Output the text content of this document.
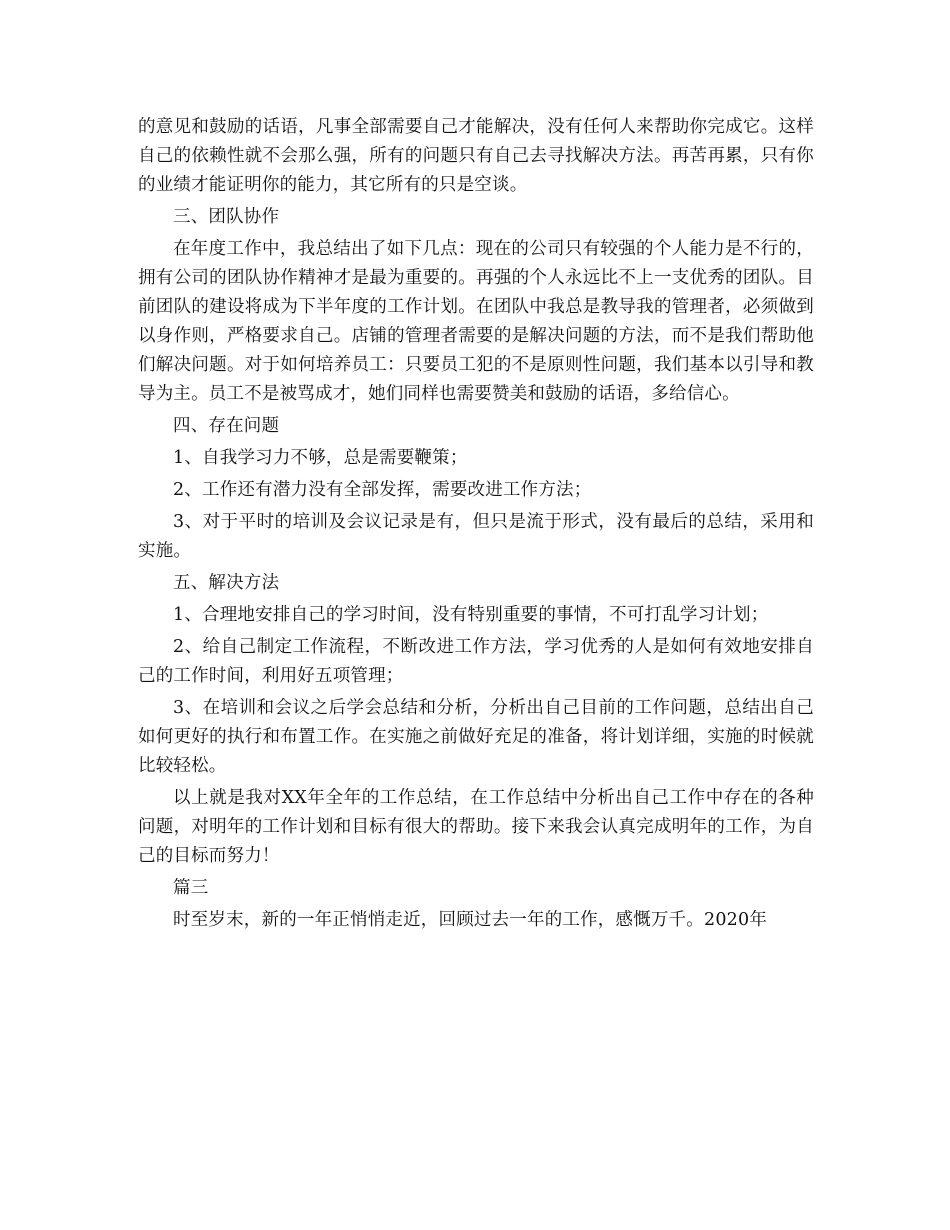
的意见和鼓励的话语，凡事全部需要自己才能解决，没有任何人来帮助你完成它。这样自己的依赖性就不会那么强，所有的问题只有自己去寻找解决方法。再苦再累，只有你的业绩才能证明你的能力，其它所有的只是空谈。

三、团队协作

在年度工作中，我总结出了如下几点：现在的公司只有较强的个人能力是不行的，拥有公司的团队协作精神才是最为重要的。再强的个人永远比不上一支优秀的团队。目前团队的建设将成为下半年度的工作计划。在团队中我总是教导我的管理者，必须做到以身作则，严格要求自己。店铺的管理者需要的是解决问题的方法，而不是我们帮助他们解决问题。对于如何培养员工：只要员工犯的不是原则性问题，我们基本以引导和教导为主。员工不是被骂成才，她们同样也需要赞美和鼓励的话语，多给信心。

四、存在问题

1、自我学习力不够，总是需要鞭策；

2、工作还有潜力没有全部发挥，需要改进工作方法；

3、对于平时的培训及会议记录是有，但只是流于形式，没有最后的总结，采用和实施。

五、解决方法

1、合理地安排自己的学习时间，没有特别重要的事情，不可打乱学习计划；

2、给自己制定工作流程，不断改进工作方法，学习优秀的人是如何有效地安排自己的工作时间，利用好五项管理；

3、在培训和会议之后学会总结和分析，分析出自己目前的工作问题，总结出自己如何更好的执行和布置工作。在实施之前做好充足的准备，将计划详细，实施的时候就比较轻松。

以上就是我对XX年全年的工作总结，在工作总结中分析出自己工作中存在的各种问题，对明年的工作计划和目标有很大的帮助。接下来我会认真完成明年的工作，为自己的目标而努力！

篇三

时至岁末，新的一年正悄悄走近，回顾过去一年的工作，感慨万千。2020年
